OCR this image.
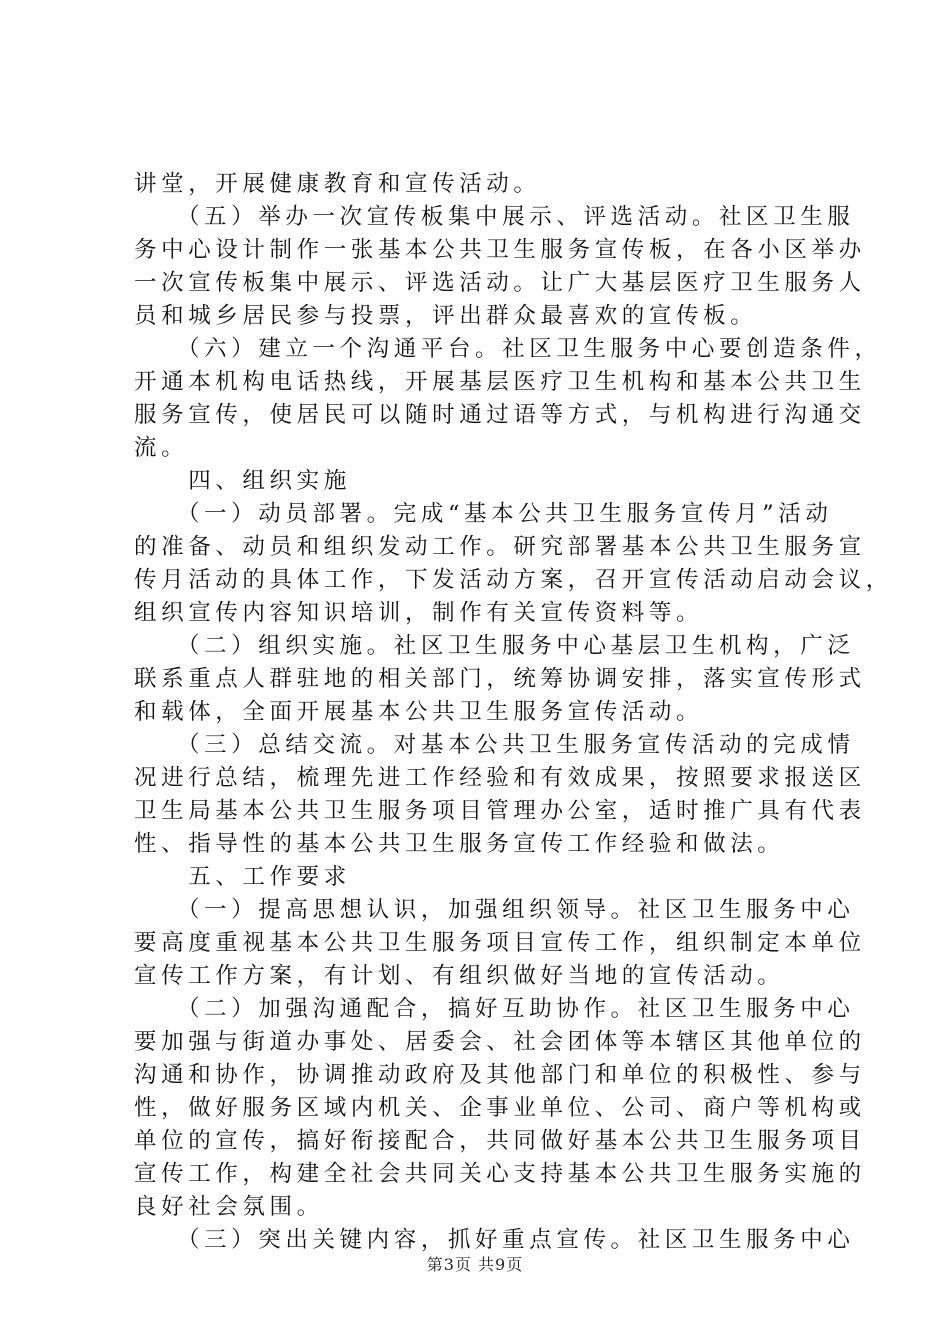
讲堂，开展健康教育和宣传活动。
　　（五）举办一次宣传板集中展示、评选活动。社区卫生服
务中心设计制作一张基本公共卫生服务宣传板，在各小区举办
一次宣传板集中展示、评选活动。让广大基层医疗卫生服务人
员和城乡居民参与投票，评出群众最喜欢的宣传板。
　　（六）建立一个沟通平台。社区卫生服务中心要创造条件，
开通本机构电话热线，开展基层医疗卫生机构和基本公共卫生
服务宣传，使居民可以随时通过语等方式，与机构进行沟通交
流。
　　四、组织实施
　　（一）动员部署。完成“基本公共卫生服务宣传月”活动
的准备、动员和组织发动工作。研究部署基本公共卫生服务宣
传月活动的具体工作，下发活动方案，召开宣传活动启动会议，
组织宣传内容知识培训，制作有关宣传资料等。
　　（二）组织实施。社区卫生服务中心基层卫生机构，广泛
联系重点人群驻地的相关部门，统筹协调安排，落实宣传形式
和载体，全面开展基本公共卫生服务宣传活动。
　　（三）总结交流。对基本公共卫生服务宣传活动的完成情
况进行总结，梳理先进工作经验和有效成果，按照要求报送区
卫生局基本公共卫生服务项目管理办公室，适时推广具有代表
性、指导性的基本公共卫生服务宣传工作经验和做法。
　　五、工作要求
　　（一）提高思想认识，加强组织领导。社区卫生服务中心
要高度重视基本公共卫生服务项目宣传工作，组织制定本单位
宣传工作方案，有计划、有组织做好当地的宣传活动。
　　（二）加强沟通配合，搞好互助协作。社区卫生服务中心
要加强与街道办事处、居委会、社会团体等本辖区其他单位的
沟通和协作，协调推动政府及其他部门和单位的积极性、参与
性，做好服务区域内机关、企事业单位、公司、商户等机构或
单位的宣传，搞好衔接配合，共同做好基本公共卫生服务项目
宣传工作，构建全社会共同关心支持基本公共卫生服务实施的
良好社会氛围。
　　（三）突出关键内容，抓好重点宣传。社区卫生服务中心
第3页 共9页
